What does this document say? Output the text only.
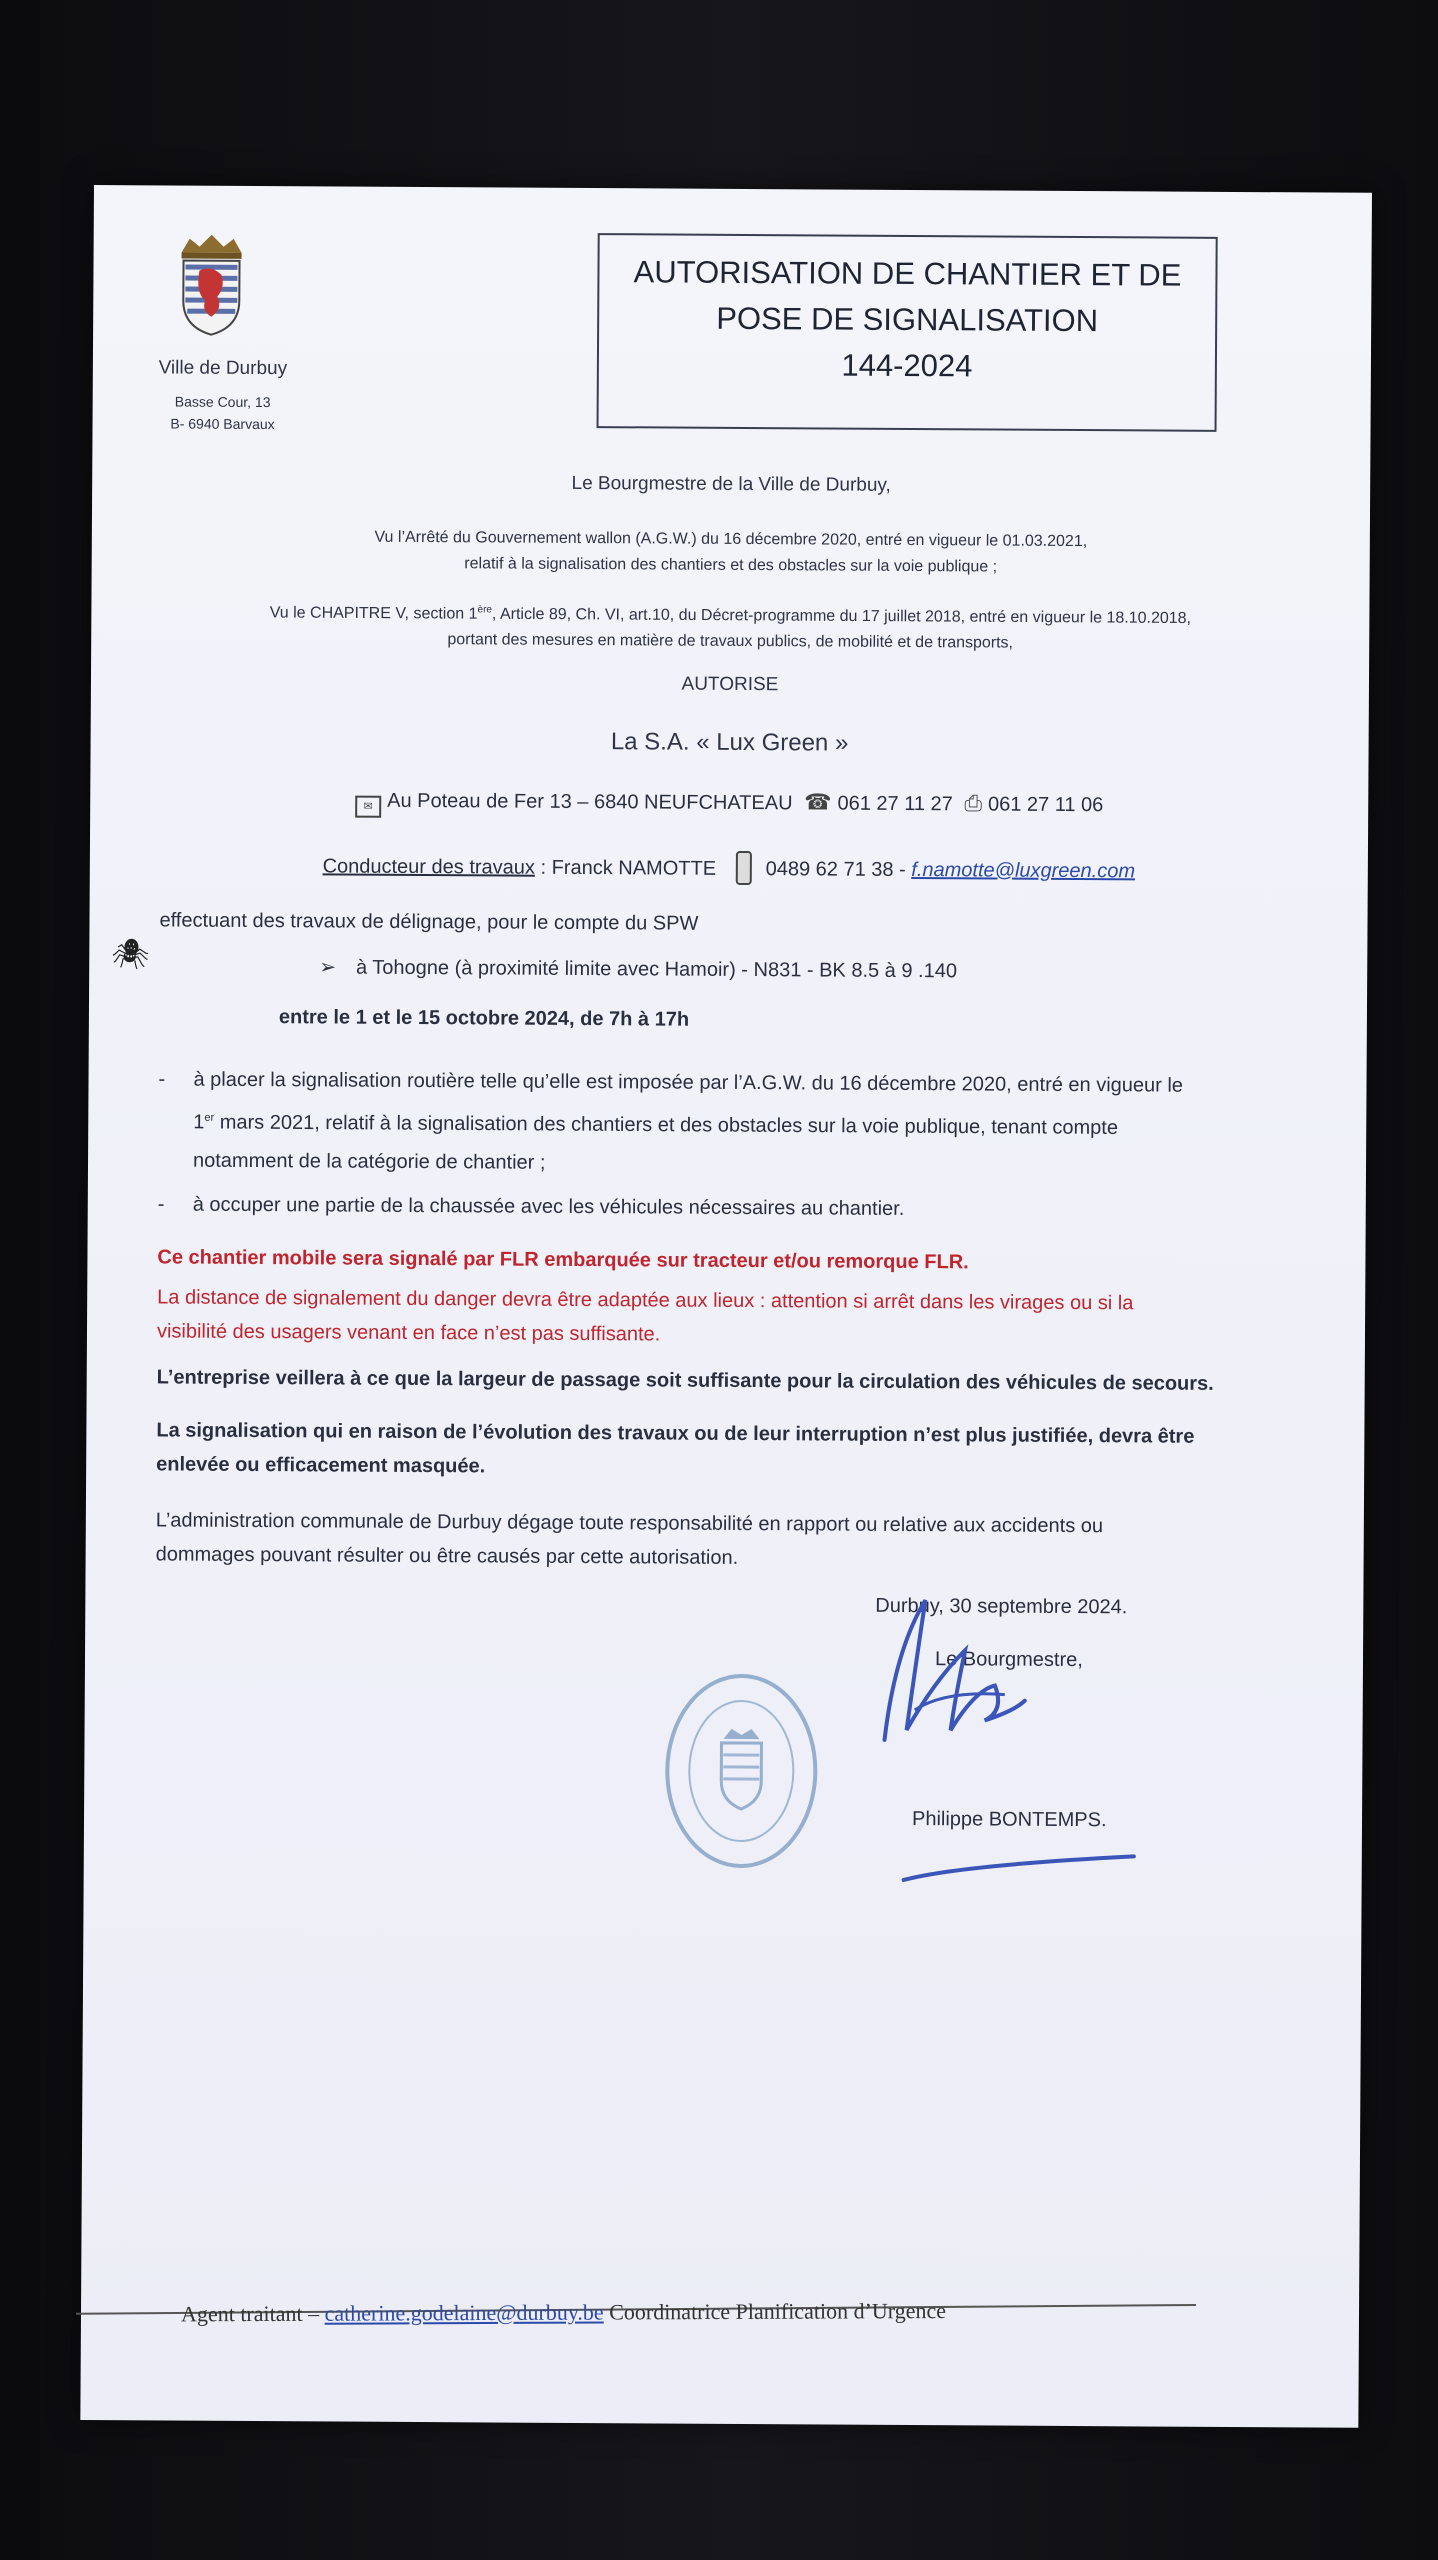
Ville de Durbuy
Basse Cour, 13
B- 6940 Barvaux
AUTORISATION DE CHANTIER ET DE
POSE DE SIGNALISATION
144-2024
Le Bourgmestre de la Ville de Durbuy,
Vu l’Arrêté du Gouvernement wallon (A.G.W.) du 16 décembre 2020, entré en vigueur le 01.03.2021,
relatif à la signalisation des chantiers et des obstacles sur la voie publique ;
Vu le CHAPITRE V, section 1ère, Article 89, Ch. VI, art.10, du Décret-programme du 17 juillet 2018, entré en vigueur le 18.10.2018,
portant des mesures en matière de travaux publics, de mobilité et de transports,
AUTORISE
La S.A. « Lux Green »
✉ Au Poteau de Fer 13 – 6840 NEUFCHATEAU ☎ 061 27 11 27 ⎙ 061 27 11 06
Conducteur des travaux : Franck NAMOTTE 0489 62 71 38 - f.namotte@luxgreen.com
effectuant des travaux de délignage, pour le compte du SPW
🕷	➢ à Tohogne (à proximité limite avec Hamoir) - N831 - BK 8.5 à 9 .140
entre le 1 et le 15 octobre 2024, de 7h à 17h
- à placer la signalisation routière telle qu’elle est imposée par l’A.G.W. du 16 décembre 2020, entré en vigueur le
1er mars 2021, relatif à la signalisation des chantiers et des obstacles sur la voie publique, tenant compte
notamment de la catégorie de chantier ;
- à occuper une partie de la chaussée avec les véhicules nécessaires au chantier.
Ce chantier mobile sera signalé par FLR embarquée sur tracteur et/ou remorque FLR.
La distance de signalement du danger devra être adaptée aux lieux : attention si arrêt dans les virages ou si la
visibilité des usagers venant en face n’est pas suffisante.
L’entreprise veillera à ce que la largeur de passage soit suffisante pour la circulation des véhicules de secours.
La signalisation qui en raison de l’évolution des travaux ou de leur interruption n’est plus justifiée, devra être
enlevée ou efficacement masquée.
L’administration communale de Durbuy dégage toute responsabilité en rapport ou relative aux accidents ou
dommages pouvant résulter ou être causés par cette autorisation.
Durbuy, 30 septembre 2024.
Le Bourgmestre,
Philippe BONTEMPS.
Agent traitant – catherine.godelaine@durbuy.be Coordinatrice Planification d’Urgence
